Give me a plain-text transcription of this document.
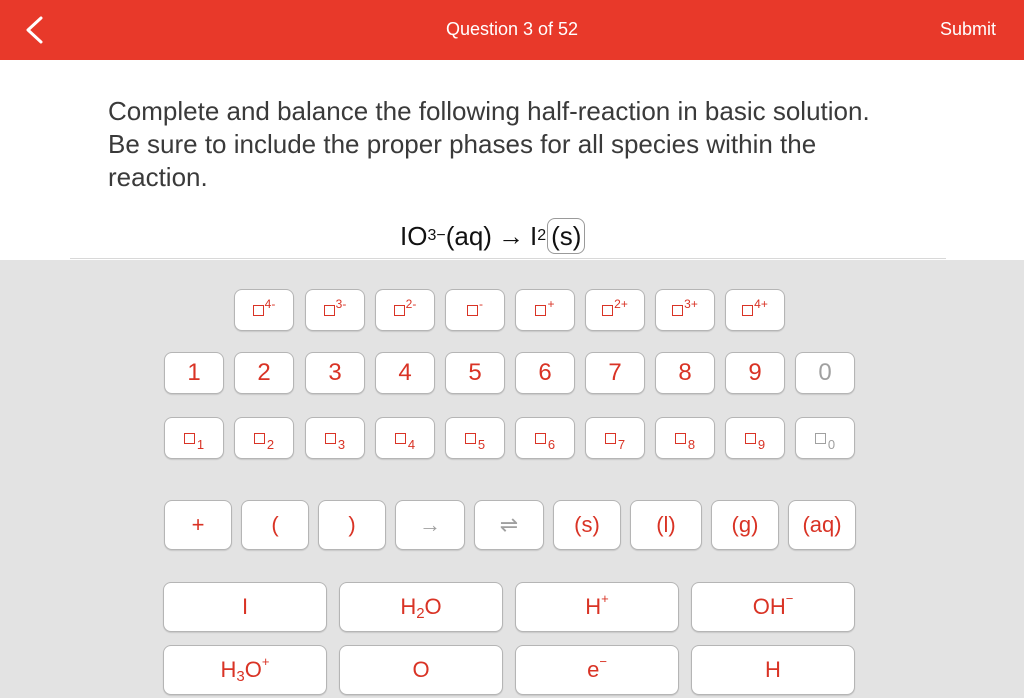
Question 3 of 52	Submit
Complete and balance the following half-reaction in basic solution. Be sure to include the proper phases for all species within the reaction.
IO 3 − (aq) → I 2 (s)
4-	3-	2-	-	+	2+	3+	4+
1	2	3	4	5	6	7	8	9	0
1	2	3	4	5	6	7	8	9	0
+	(	)	→	⇌	(s)	(l)	(g)	(aq)
I	H 2 O	H +	OH −
H 3 O +	O	e −	H
